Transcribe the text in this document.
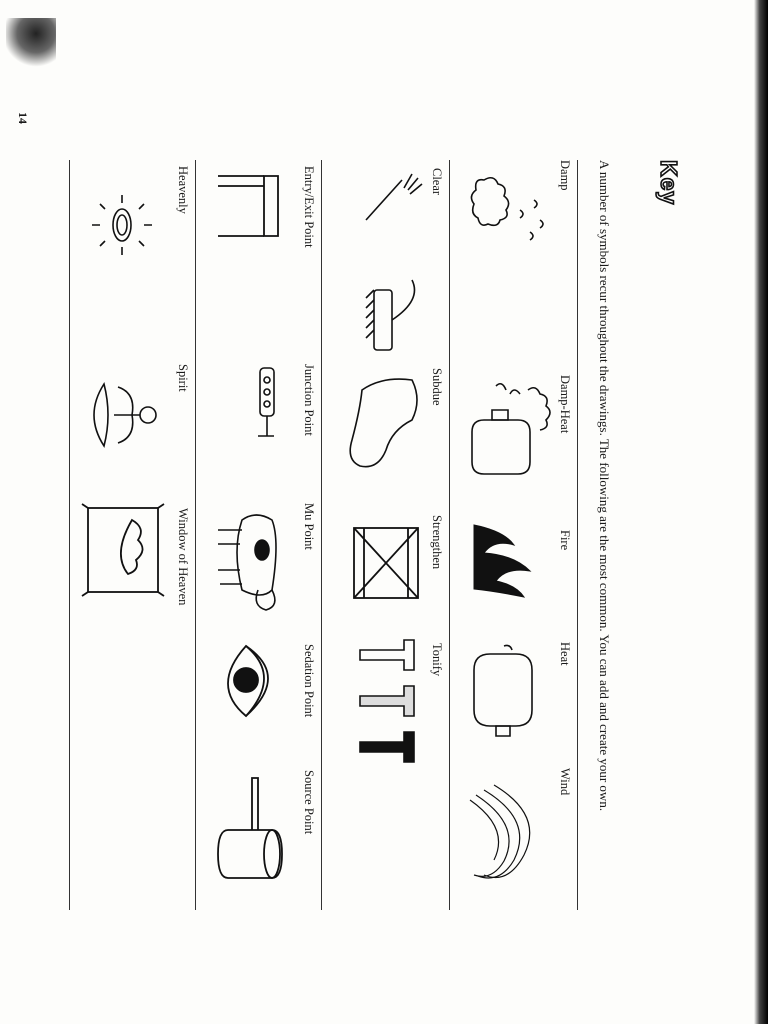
Key
A number of symbols recur throughout the drawings. The following are the most common. You can add and create your own.
Damp
Damp-Heat
Fire
Heat
Wind
Clear
Subdue
Strengthen
Tonify
Entry/Exit Point
Junction Point
Mu Point
Sedation Point
Source Point
Heavenly
Spirit
Window of Heaven
14
